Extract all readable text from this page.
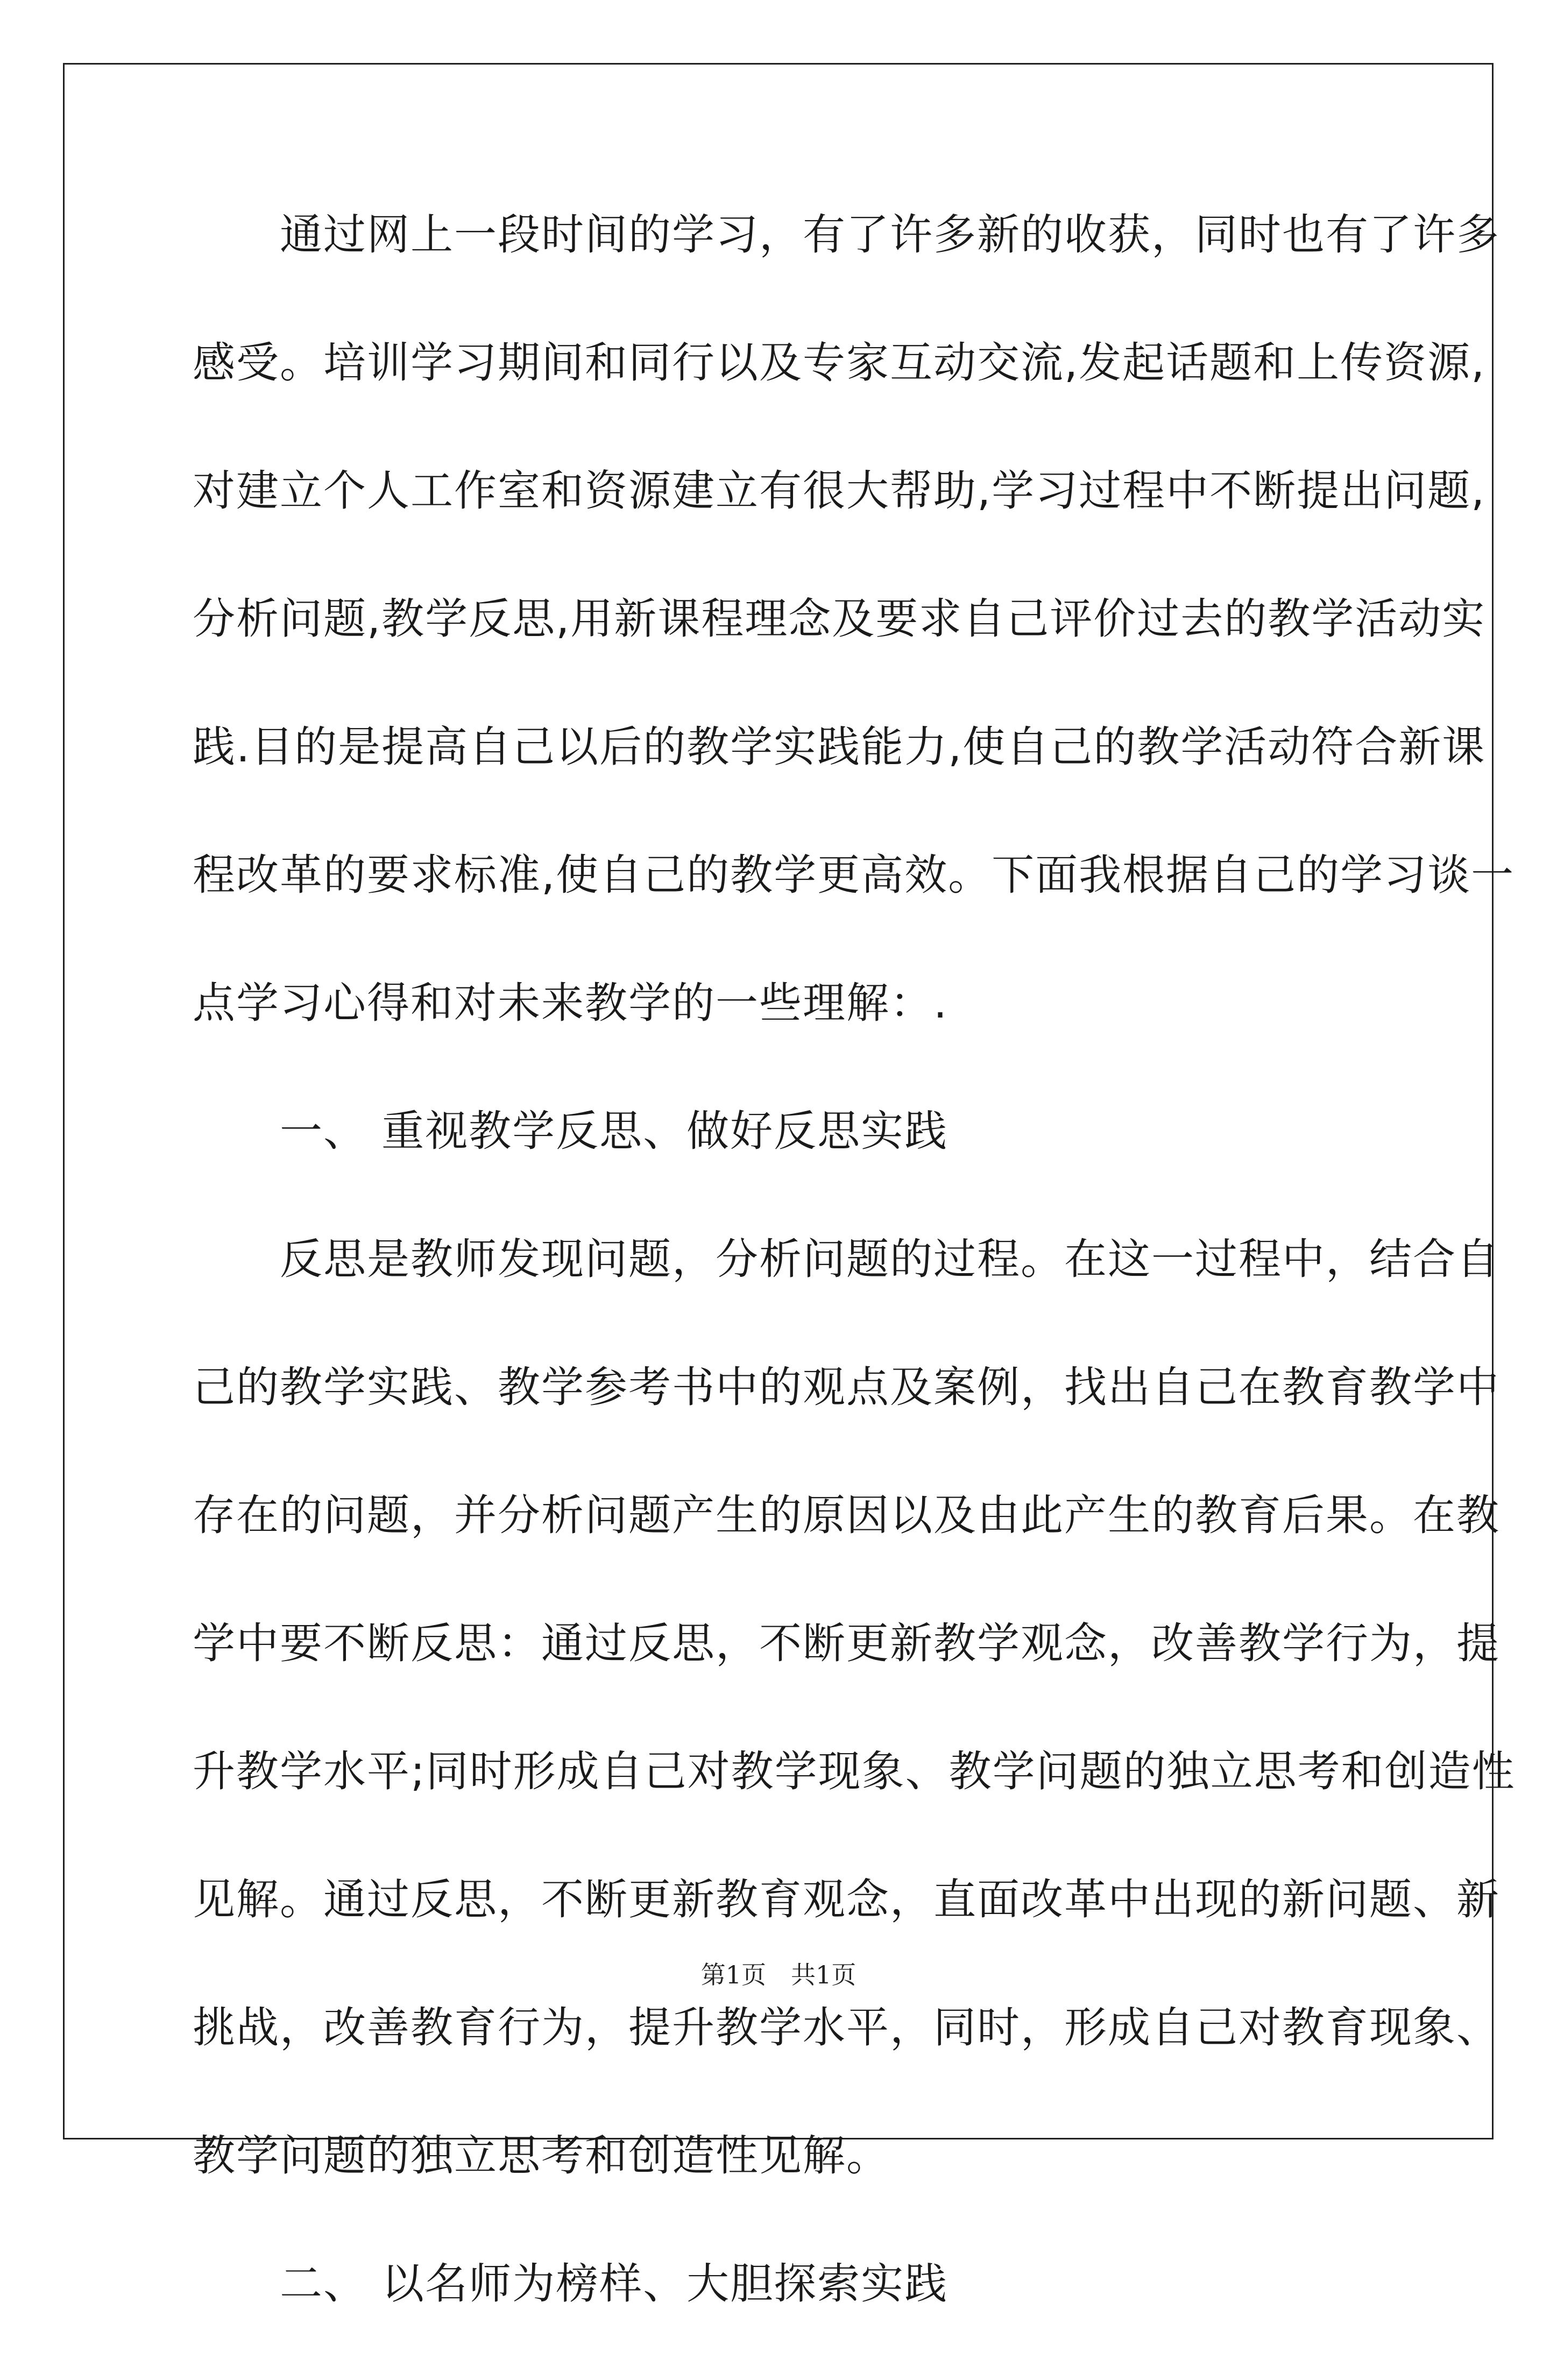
　　通过网上一段时间的学习，有了许多新的收获，同时也有了许多
感受。培训学习期间和同行以及专家互动交流,发起话题和上传资源,
对建立个人工作室和资源建立有很大帮助,学习过程中不断提出问题,
分析问题,教学反思,用新课程理念及要求自己评价过去的教学活动实
践.目的是提高自己以后的教学实践能力,使自己的教学活动符合新课
程改革的要求标准,使自己的教学更高效。下面我根据自己的学习谈一
点学习心得和对未来教学的一些理解：.
　　一、 重视教学反思、做好反思实践
　　反思是教师发现问题，分析问题的过程。在这一过程中，结合自
己的教学实践、教学参考书中的观点及案例，找出自己在教育教学中
存在的问题，并分析问题产生的原因以及由此产生的教育后果。在教
学中要不断反思：通过反思，不断更新教学观念，改善教学行为，提
升教学水平;同时形成自己对教学现象、教学问题的独立思考和创造性
见解。通过反思，不断更新教育观念，直面改革中出现的新问题、新
挑战，改善教育行为，提升教学水平，同时，形成自己对教育现象、
教学问题的独立思考和创造性见解。
　　二、 以名师为榜样、大胆探索实践
第1页　共1页
